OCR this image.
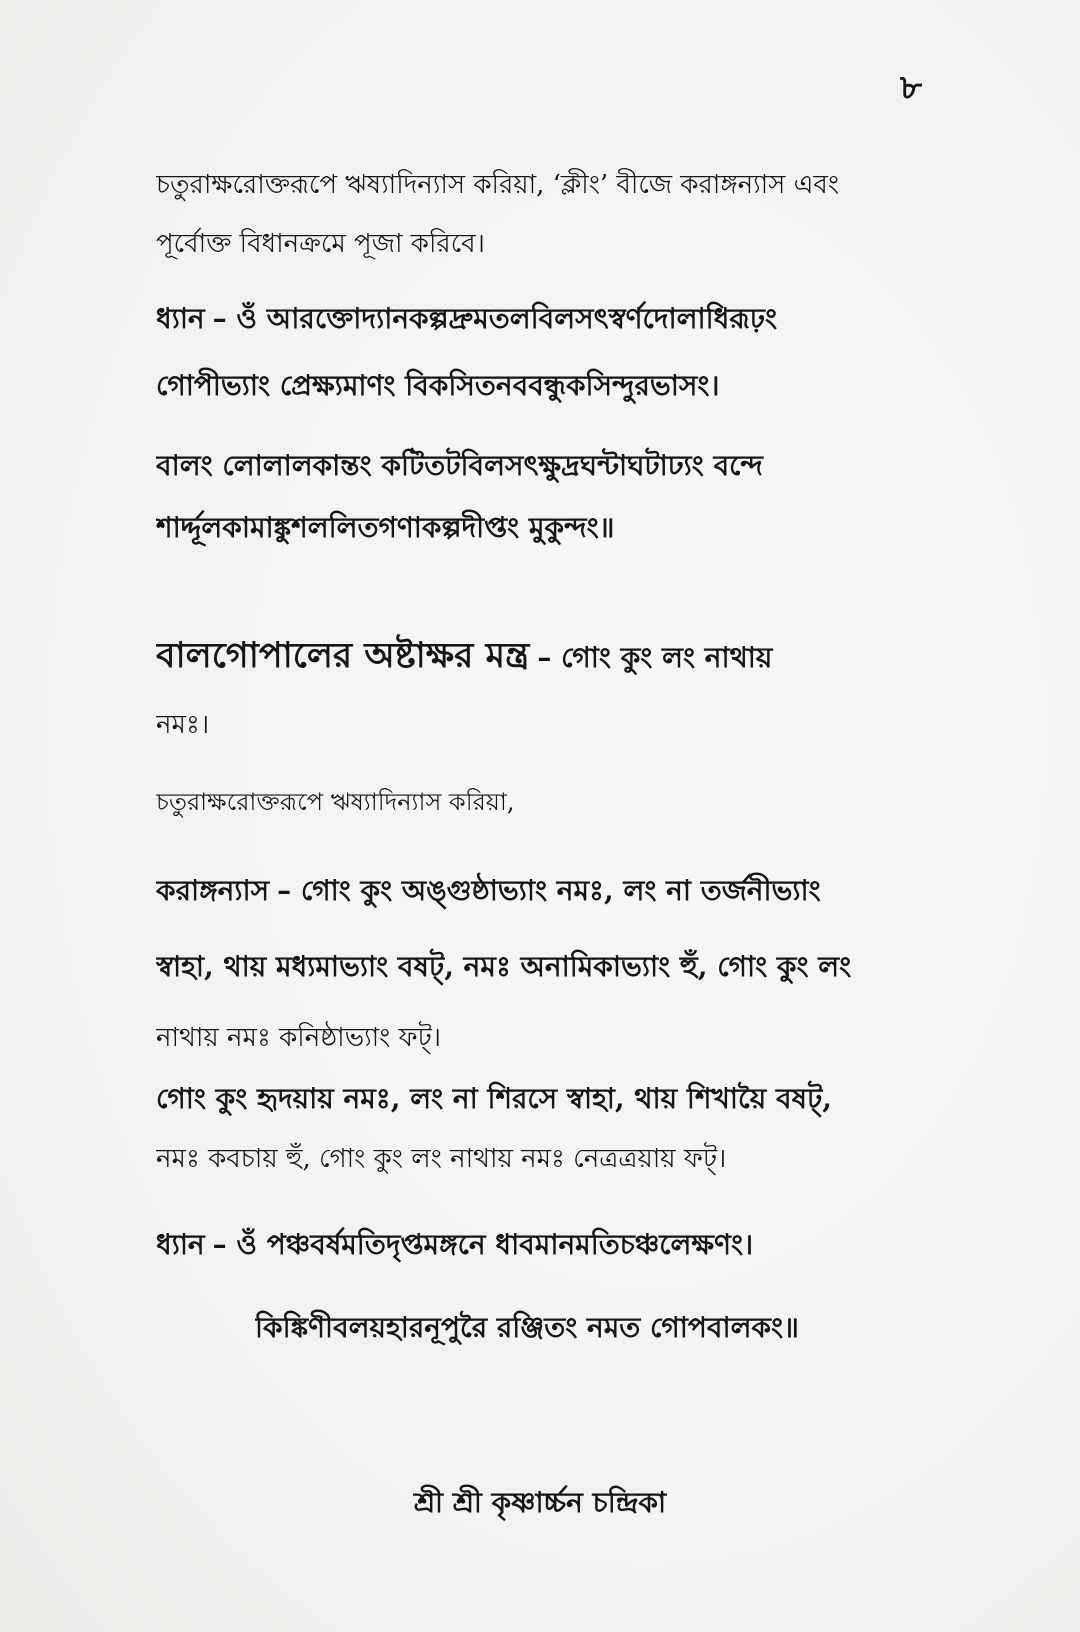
৮
চতুরাক্ষরোক্তরূপে ঋষ্যাদিন্যাস করিয়া, ‘ক্লীং’ বীজে করাঙ্গন্যাস এবং
পূর্বোক্ত বিধানক্রমে পূজা করিবে।
ধ্যান – ওঁ আরক্তোদ্যানকল্পদ্রুমতলবিলসৎস্বর্ণদোলাধিরূঢ়ং
গোপীভ্যাং প্রেক্ষ্যমাণং বিকসিতনববন্ধুকসিন্দুরভাসং।
বালং লোলালকান্তং কটিতটবিলসৎক্ষুদ্রঘন্টাঘটাঢ্যং বন্দে
শার্দ্দূলকামাঙ্কুশললিতগণাকল্পদীপ্তং মুকুন্দং॥
বালগোপালের অষ্টাক্ষর মন্ত্র – গোং কুং লং নাথায়
নমঃ।
চতুরাক্ষরোক্তরূপে ঋষ্যাদিন্যাস করিয়া,
করাঙ্গন্যাস – গোং কুং অঙ্গুষ্ঠাভ্যাং নমঃ, লং না তর্জনীভ্যাং
স্বাহা, থায় মধ্যমাভ্যাং বষট্, নমঃ অনামিকাভ্যাং হুঁ, গোং কুং লং
নাথায় নমঃ কনিষ্ঠাভ্যাং ফট্।
গোং কুং হৃদয়ায় নমঃ, লং না শিরসে স্বাহা, থায় শিখায়ৈ বষট্,
নমঃ কবচায় হুঁ, গোং কুং লং নাথায় নমঃ নেত্রত্রয়ায় ফট্।
ধ্যান – ওঁ পঞ্চবর্ষমতিদৃপ্তমঙ্গনে ধাবমানমতিচঞ্চলেক্ষণং।
কিঙ্কিণীবলয়হারনূপুরৈ রঞ্জিতং নমত গোপবালকং॥
শ্রী শ্রী কৃষ্ণার্চ্চন চন্দ্রিকা
